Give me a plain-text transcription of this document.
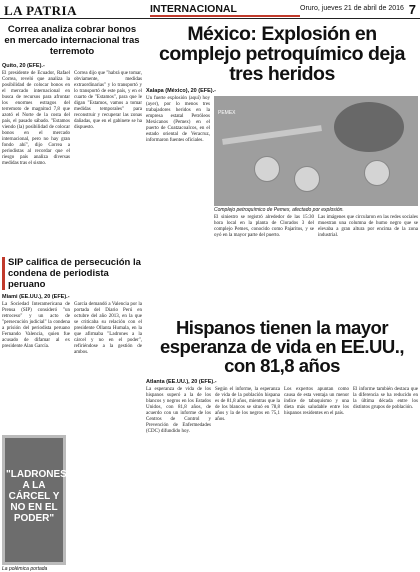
LA PATRIA	INTERNACIONAL	Oruro, jueves 21 de abril de 2016 7
Correa analiza cobrar bonos en mercado internacional tras terremoto
Quito, 20 (EFE).-
El presidente de Ecuador, Rafael Correa, reveló que analiza la posibilidad de colocar bonos en el mercado internacional en busca de recursos para afrontar los enormes estragos del terremoto de magnitud 7,8 que azotó el Norte de la costa del país, el pasado sábado. "Estamos viendo (la) posibilidad de colocar bonos en el mercado internacional, pero no hay gran fondo ahí", dijo Correa a periodistas al recordar que el riesgo país analiza diversas medidas tras el sismo.
Correa dijo que "habrá que tomar, obviamente, medidas extraordinarias" y lo transportó y lo transportó de este país, y en el cuarto de "Estamos", para que le digan "Estamos, vamos a tomar medidas temporales" para reconstruir y recuperar las zonas dañadas, que en el gabinete se ha dispuesto.
SIP califica de persecución la condena de periodista peruano
Miami (EE.UU.), 20 (EFE).-
La Sociedad Interamericana de Prensa (SIP) consideró "un retroceso" y un acto de "persecución judicial" la condena a prisión del periodista peruano Fernando Valencia, quien fue acusado de difamar al ex presidente Alan García.
García demandó a Valencia por la portada del Diario Perú en octubre del año 2013, en la que se criticaba su relación con el presidente Ollanta Humala, en la que afirmaba "Ladrones a la cárcel y no en el poder", refiriéndose a la gestión de ambos.
"LADRONES A LA CÁRCEL Y NO EN EL PODER"
La polémica portada
México: Explosión en complejo petroquímico deja tres heridos
Xalapa (México), 20 (EFE).-
Un fuerte explosión (aquí) hoy (ayer), por lo menos tres trabajadores heridos en la empresa estatal Petróleos Mexicanos (Pemex) en el puerto de Coatzacoalcos, en el estado oriental de Veracruz, informaron fuentes oficiales.
PEMEX
Complejo petroquímico de Pemex, afectado por explosión.
El siniestro se registró alrededor de las 15:30 hora local en la planta de Clorados 3 del complejo Pemex, conocido como Pajaritos, y se oyó en la mayor parte del puerto.
Las imágenes que circularon en las redes sociales muestran una columna de humo negro que se elevaba a gran altura por encima de la zona industrial.
Hispanos tienen la mayor esperanza de vida en EE.UU., con 81,8 años
Atlanta (EE.UU.), 20 (EFE).-
La esperanza de vida de los hispanos superó a la de los blancos y negros en los Estados Unidos, con 81,8 años, de acuerdo con un informe de los Centros de Control y Prevención de Enfermedades (CDC) difundido hoy.
Según el informe, la esperanza de vida de la población hispana es de 81,8 años, mientras que la de los blancos se situó en 78,8 años y la de los negros en 75,1 años.
Los expertos apuntan como causa de esta ventaja un menor índice de tabaquismo y una dieta más saludable entre los hispanos residentes en el país.
El informe también destaca que la diferencia se ha reducido en la última década entre los distintos grupos de población.
